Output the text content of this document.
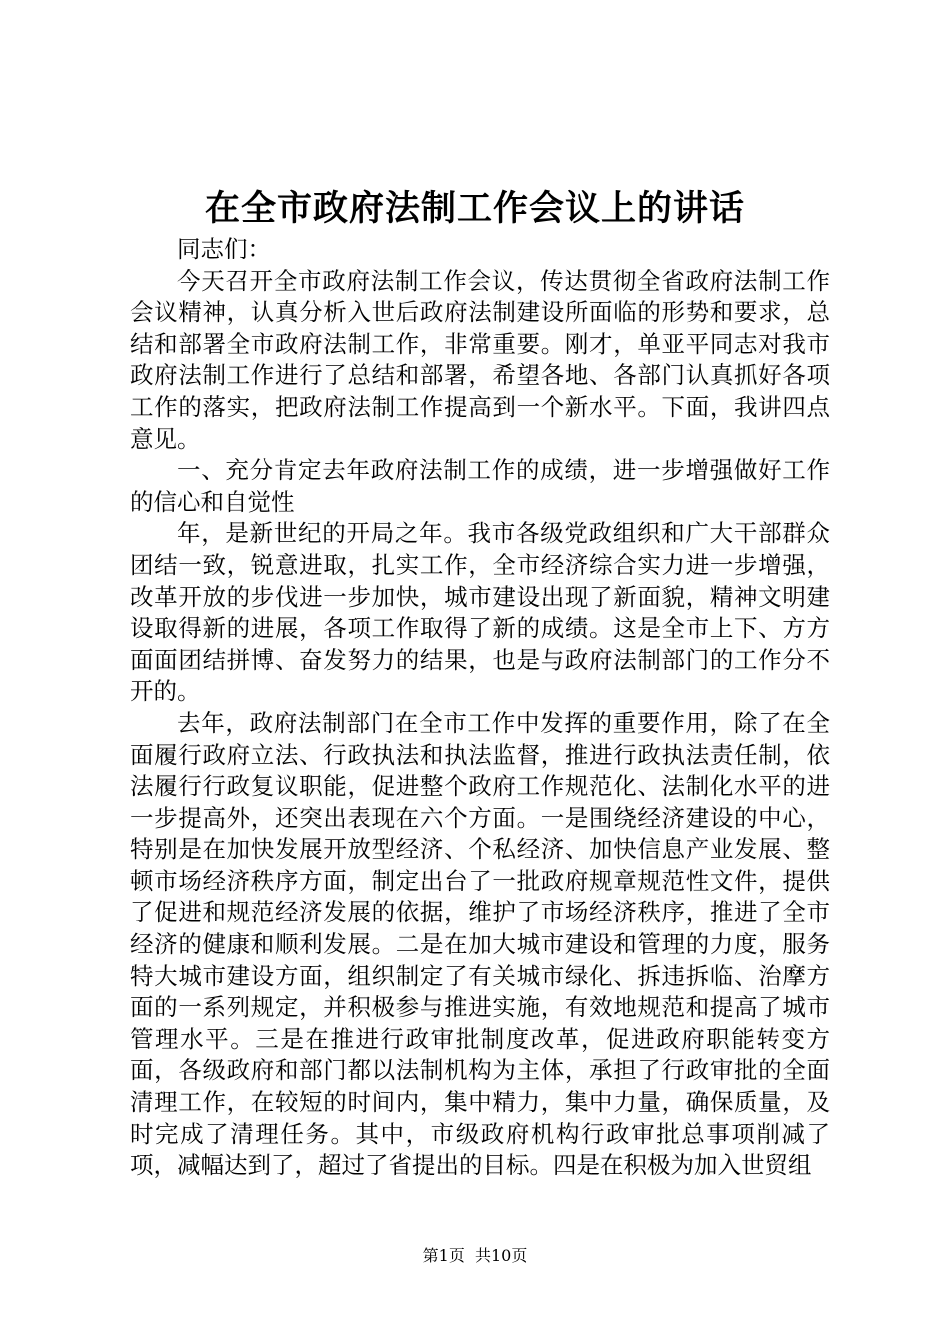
在全市政府法制工作会议上的讲话

同志们：

今天召开全市政府法制工作会议，传达贯彻全省政府法制工作会议精神，认真分析入世后政府法制建设所面临的形势和要求，总结和部署全市政府法制工作，非常重要。刚才，单亚平同志对我市政府法制工作进行了总结和部署，希望各地、各部门认真抓好各项工作的落实，把政府法制工作提高到一个新水平。下面，我讲四点意见。

一、充分肯定去年政府法制工作的成绩，进一步增强做好工作的信心和自觉性

年，是新世纪的开局之年。我市各级党政组织和广大干部群众团结一致，锐意进取，扎实工作，全市经济综合实力进一步增强，改革开放的步伐进一步加快，城市建设出现了新面貌，精神文明建设取得新的进展，各项工作取得了新的成绩。这是全市上下、方方面面团结拼博、奋发努力的结果，也是与政府法制部门的工作分不开的。

去年，政府法制部门在全市工作中发挥的重要作用，除了在全面履行政府立法、行政执法和执法监督，推进行政执法责任制，依法履行行政复议职能，促进整个政府工作规范化、法制化水平的进一步提高外，还突出表现在六个方面。一是围绕经济建设的中心，特别是在加快发展开放型经济、个私经济、加快信息产业发展、整顿市场经济秩序方面，制定出台了一批政府规章规范性文件，提供了促进和规范经济发展的依据，维护了市场经济秩序，推进了全市经济的健康和顺利发展。二是在加大城市建设和管理的力度，服务特大城市建设方面，组织制定了有关城市绿化、拆违拆临、治摩方面的一系列规定，并积极参与推进实施，有效地规范和提高了城市管理水平。三是在推进行政审批制度改革，促进政府职能转变方面，各级政府和部门都以法制机构为主体，承担了行政审批的全面清理工作，在较短的时间内，集中精力，集中力量，确保质量，及时完成了清理任务。其中，市级政府机构行政审批总事项削减了项，减幅达到了，超过了省提出的目标。四是在积极为加入世贸组

第1页  共10页
